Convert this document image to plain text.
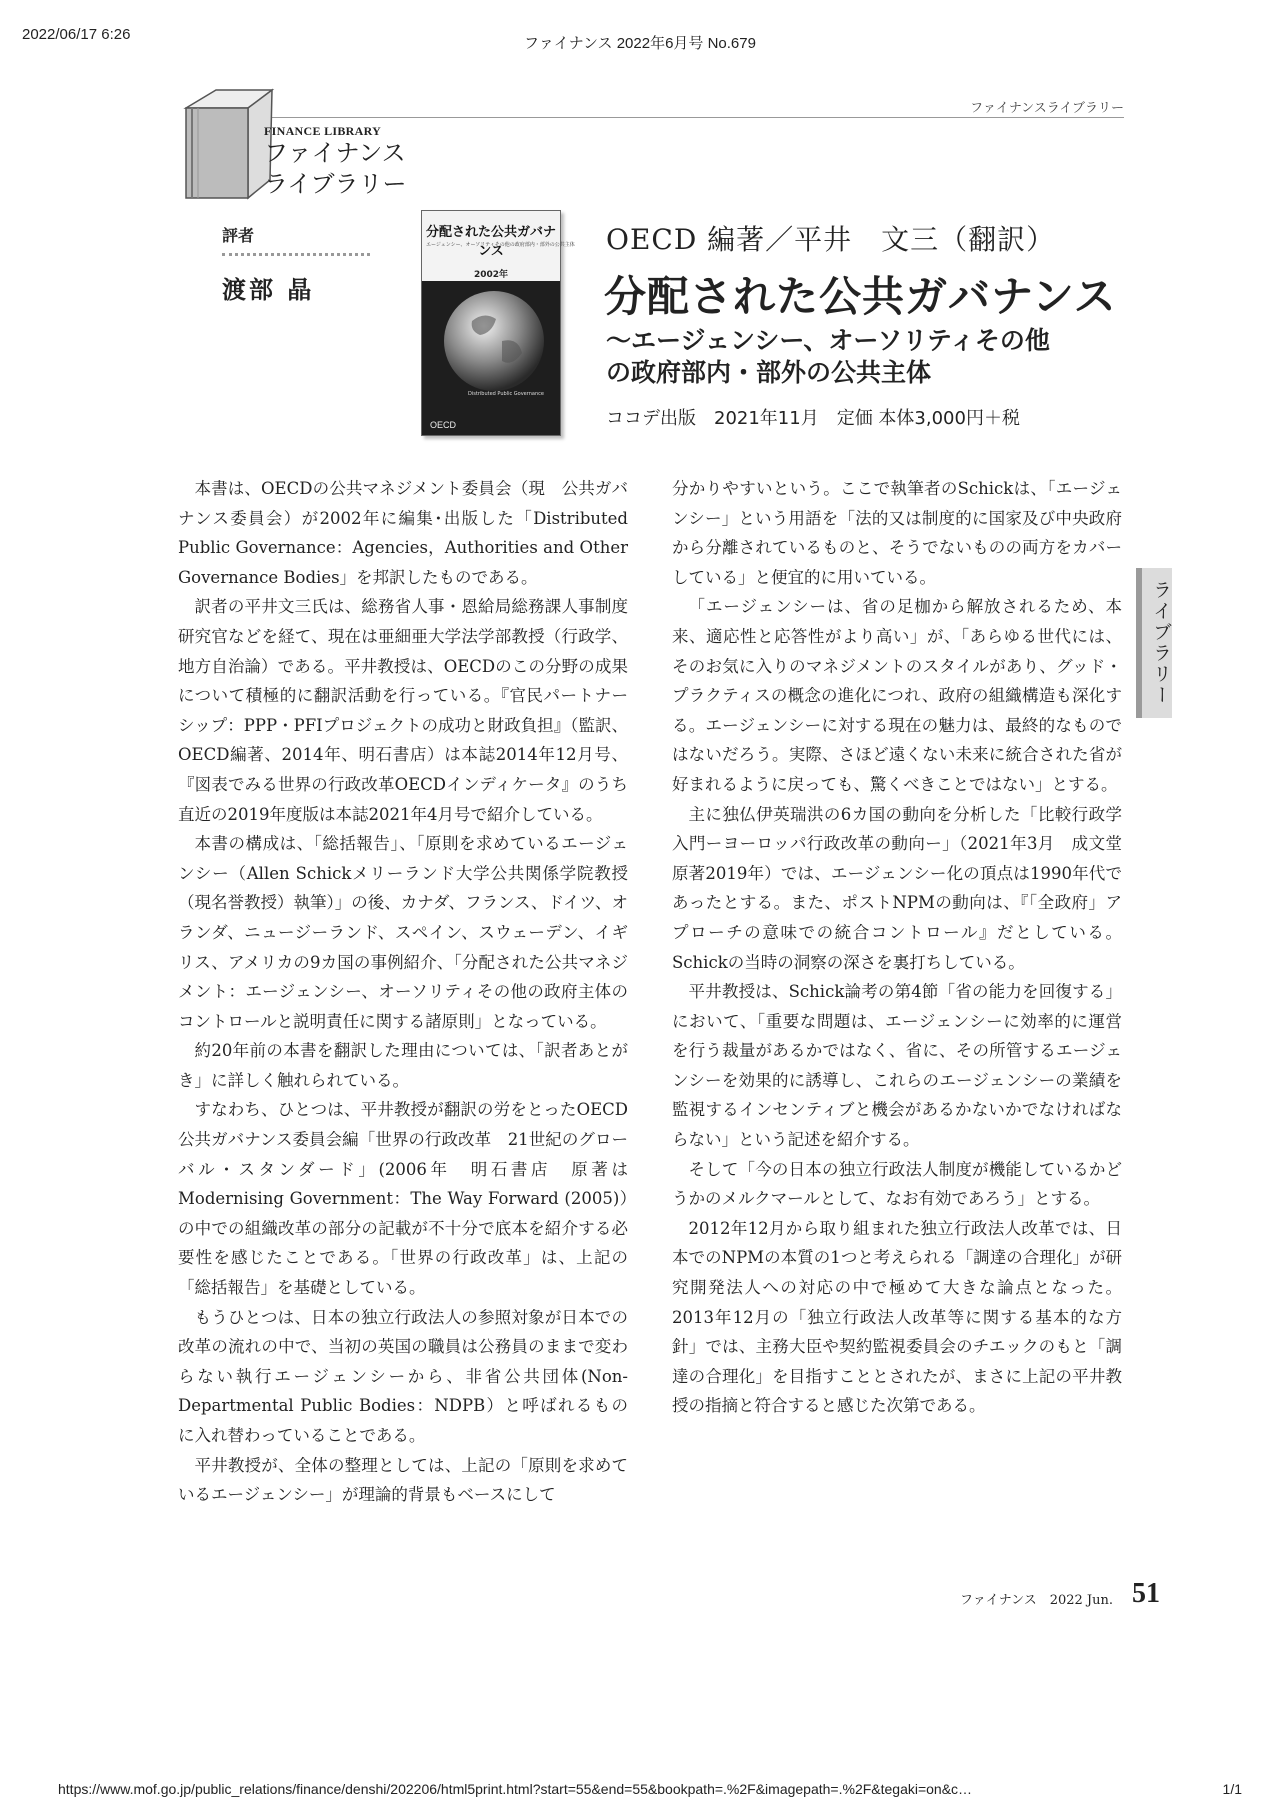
2022/06/17 6:26
ファイナンス 2022年6月号 No.679
ファイナンスライブラリー
FINANCE LIBRARY
ファイナンス
ライブラリー
評者
渡部 晶
分配された公共ガバナンス
エージェンシー、オーソリティその他の政府部内・部外の公共主体
2002年
Distributed Public Governance
OECD
OECD 編著／平井　文三（翻訳）
分配された公共ガバナンス
～エージェンシー、オーソリティその他
の政府部内・部外の公共主体
ココデ出版　2021年11月　定価 本体3,000円＋税

本書は、OECDの公共マネジメント委員会（現　公共ガバナンス委員会）が2002年に編集･出版した「Distributed Public Governance：Agencies，Authorities and Other Governance Bodies」を邦訳したものである。

訳者の平井文三氏は、総務省人事・恩給局総務課人事制度研究官などを経て、現在は亜細亜大学法学部教授（行政学、地方自治論）である。平井教授は、OECDのこの分野の成果について積極的に翻訳活動を行っている。『官民パートナーシップ：PPP・PFIプロジェクトの成功と財政負担』（監訳、OECD編著、2014年、明石書店）は本誌2014年12月号、『図表でみる世界の行政改革OECDインディケータ』のうち直近の2019年度版は本誌2021年4月号で紹介している。

本書の構成は、「総括報告」、「原則を求めているエージェンシー（Allen Schickメリーランド大学公共関係学院教授（現名誉教授）執筆）」の後、カナダ、フランス、ドイツ、オランダ、ニュージーランド、スペイン、スウェーデン、イギリス、アメリカの9カ国の事例紹介、「分配された公共マネジメント：エージェンシー、オーソリティその他の政府主体のコントロールと説明責任に関する諸原則」となっている。

約20年前の本書を翻訳した理由については、「訳者あとがき」に詳しく触れられている。

すなわち、ひとつは、平井教授が翻訳の労をとったOECD公共ガバナンス委員会編「世界の行政改革　21世紀のグローバル・スタンダード」(2006年　明石書店　原著はModernising Government：The Way Forward (2005)）の中での組織改革の部分の記載が不十分で底本を紹介する必要性を感じたことである。「世界の行政改革」は、上記の「総括報告」を基礎としている。

もうひとつは、日本の独立行政法人の参照対象が日本での改革の流れの中で、当初の英国の職員は公務員のままで変わらない執行エージェンシーから、非省公共団体(Non-Departmental Public Bodies：NDPB）と呼ばれるものに入れ替わっていることである。

平井教授が、全体の整理としては、上記の「原則を求めているエージェンシー」が理論的背景もベースにして

分かりやすいという。ここで執筆者のSchickは、「エージェンシー」という用語を「法的又は制度的に国家及び中央政府から分離されているものと、そうでないものの両方をカバーしている」と便宜的に用いている。

「エージェンシーは、省の足枷から解放されるため、本来、適応性と応答性がより高い」が、「あらゆる世代には、そのお気に入りのマネジメントのスタイルがあり、グッド・プラクティスの概念の進化につれ、政府の組織構造も深化する。エージェンシーに対する現在の魅力は、最終的なものではないだろう。実際、さほど遠くない未来に統合された省が好まれるように戻っても、驚くべきことではない」とする。

主に独仏伊英瑞洪の6カ国の動向を分析した「比較行政学入門ーヨーロッパ行政改革の動向ー」（2021年3月　成文堂　原著2019年）では、エージェンシー化の頂点は1990年代であったとする。また、ポストNPMの動向は、『「全政府」アプローチの意味での統合コントロール』だとしている。Schickの当時の洞察の深さを裏打ちしている。

平井教授は、Schick論考の第4節「省の能力を回復する」において、「重要な問題は、エージェンシーに効率的に運営を行う裁量があるかではなく、省に、その所管するエージェンシーを効果的に誘導し、これらのエージェンシーの業績を監視するインセンティブと機会があるかないかでなければならない」という記述を紹介する。

そして「今の日本の独立行政法人制度が機能しているかどうかのメルクマールとして、なお有効であろう」とする。

2012年12月から取り組まれた独立行政法人改革では、日本でのNPMの本質の1つと考えられる「調達の合理化」が研究開発法人への対応の中で極めて大きな論点となった。2013年12月の「独立行政法人改革等に関する基本的な方針」では、主務大臣や契約監視委員会のチエックのもと「調達の合理化」を目指すこととされたが、まさに上記の平井教授の指摘と符合すると感じた次第である。

ライブラリー
ファイナンス　2022 Jun. 51
https://www.mof.go.jp/public_relations/finance/denshi/202206/html5print.html?start=55&end=55&bookpath=.%2F&imagepath=.%2F&tegaki=on&c…	1/1
